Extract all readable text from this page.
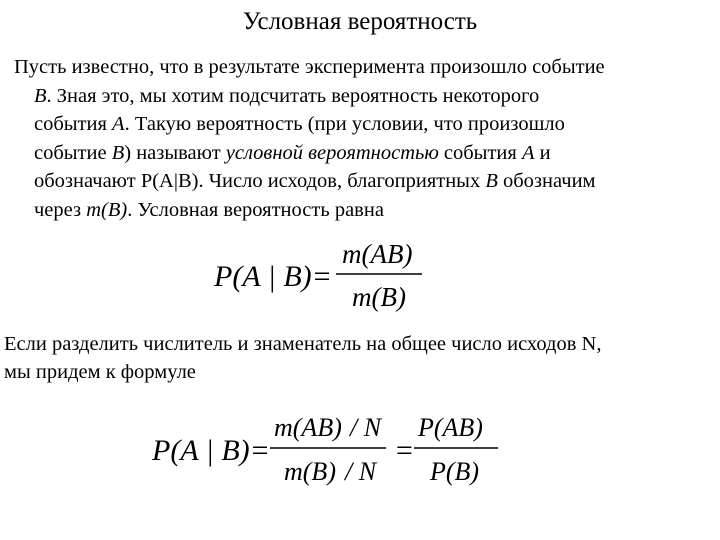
Условная вероятность
Пусть известно, что в результате эксперимента произошло событие
В. Зная это, мы хотим подсчитать вероятность некоторого
события А. Такую вероятность (при условии, что произошло
событие В) называют условной вероятностью события А и
обозначают Р(А|В). Число исходов, благоприятных В обозначим
через m(B). Условная вероятность равна
P(A | B)=
m(AB)
m(B)
Если разделить числитель и знаменатель на общее число исходов N,
мы придем к формуле
P(A | B)=
m(AB) / N
m(B) / N
=
P(AB)
P(B)
